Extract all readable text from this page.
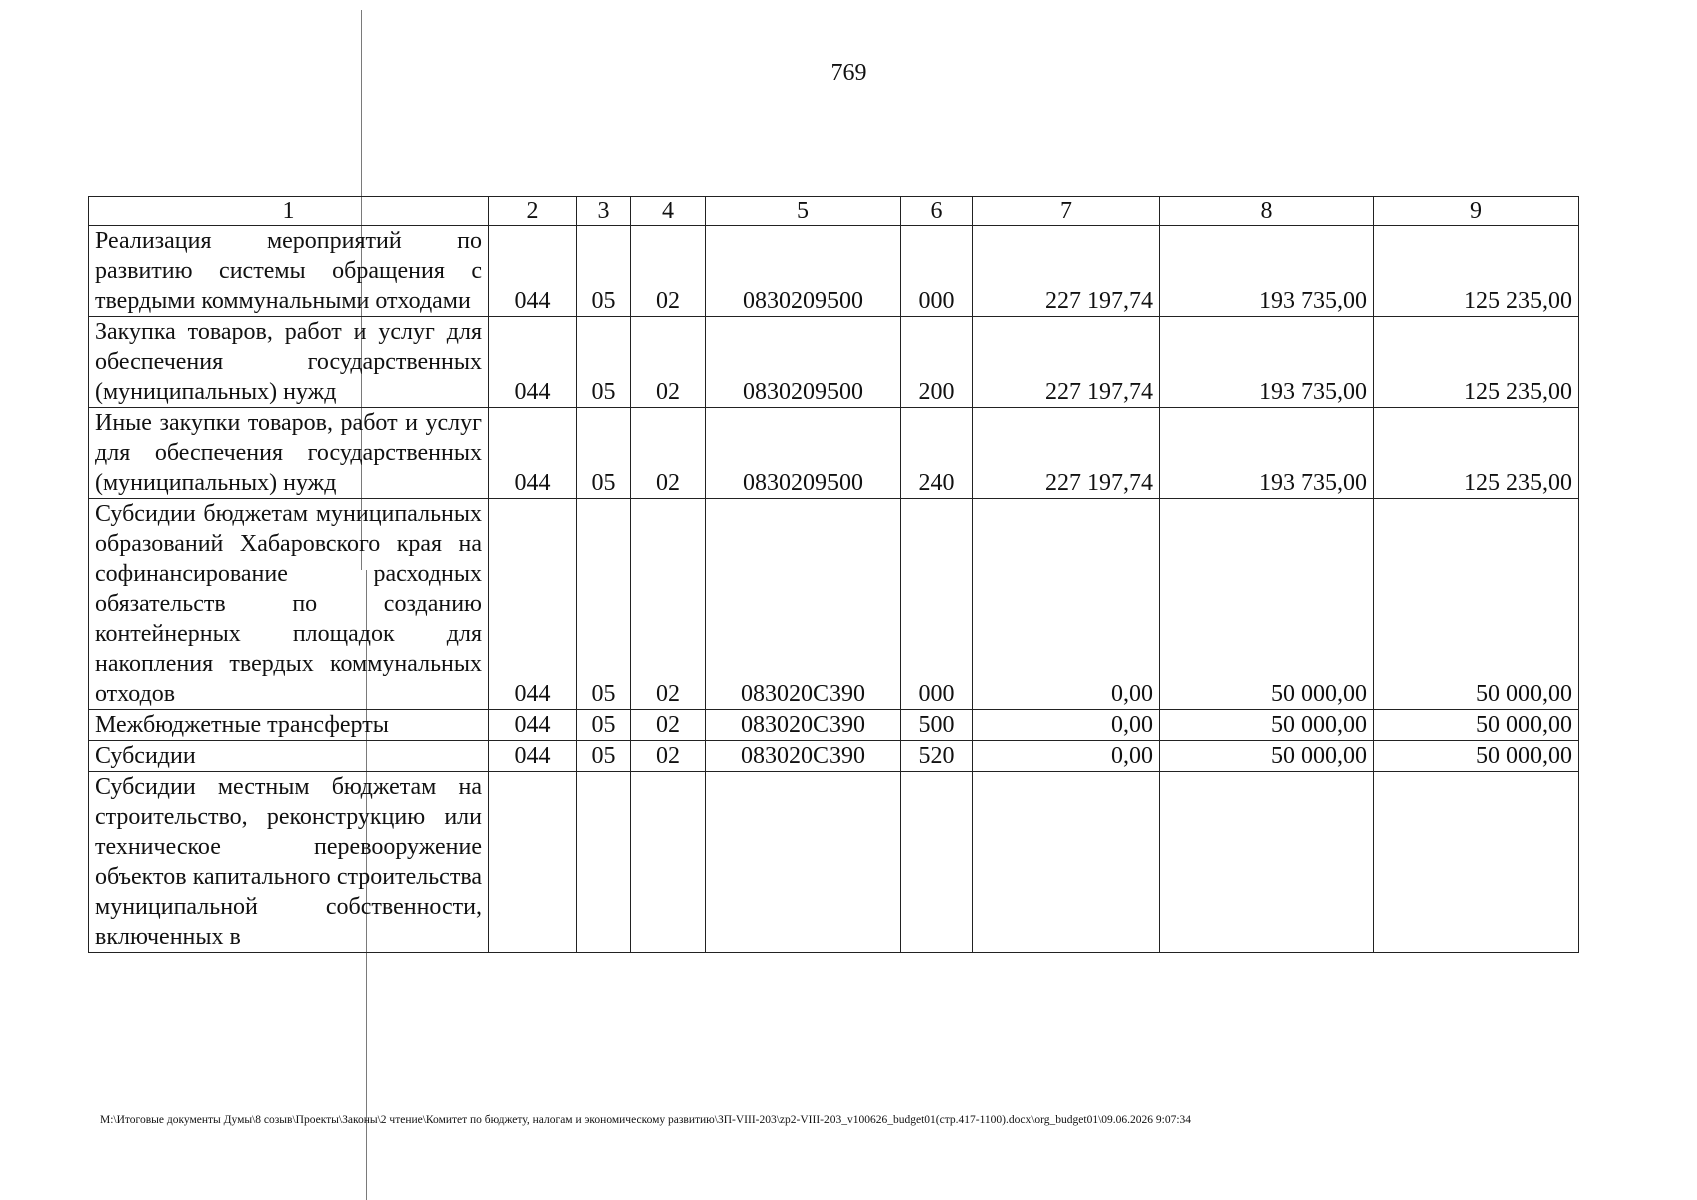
769
1	2	3	4	5	6	7	8	9
Реализация мероприятий по развитию системы обращения с твердыми коммунальными отходами	044	05	02	0830209500	000	227 197,74	193 735,00	125 235,00
Закупка товаров, работ и услуг для обеспечения государственных (муниципальных) нужд	044	05	02	0830209500	200	227 197,74	193 735,00	125 235,00
Иные закупки товаров, работ и услуг для обеспечения государственных (муниципальных) нужд	044	05	02	0830209500	240	227 197,74	193 735,00	125 235,00
Субсидии бюджетам муниципальных образований Хабаровского края на софинансирование расходных обязательств по созданию контейнерных площадок для накопления твердых коммунальных отходов	044	05	02	083020С390	000	0,00	50 000,00	50 000,00
Межбюджетные трансферты	044	05	02	083020С390	500	0,00	50 000,00	50 000,00
Субсидии	044	05	02	083020С390	520	0,00	50 000,00	50 000,00
Субсидии местным бюджетам на строительство, реконструкцию или техническое перевооружение объектов капитального строительства муниципальной собственности, включенных в								
M:\Итоговые документы Думы\8 созыв\Проекты\Законы\2 чтение\Комитет по бюджету, налогам и экономическому развитию\ЗП-VIII-203\zp2-VIII-203_v100626_budget01(стр.417-1100).docx\org_budget01\09.06.2026 9:07:34
